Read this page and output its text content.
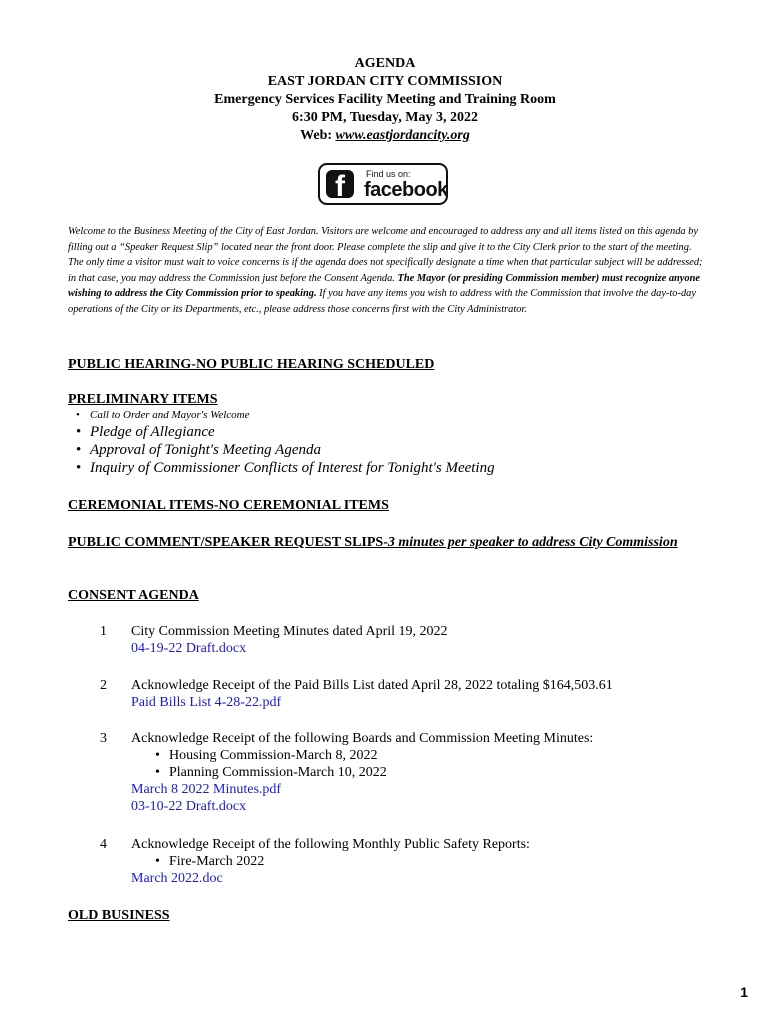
AGENDA
EAST JORDAN CITY COMMISSION
Emergency Services Facility Meeting and Training Room
6:30 PM, Tuesday, May 3, 2022
Web: www.eastjordancity.org
f	Find us on:
facebook
Welcome to the Business Meeting of the City of East Jordan. Visitors are welcome and encouraged to address any and all items listed on this agenda by filling out a “Speaker Request Slip” located near the front door. Please complete the slip and give it to the City Clerk prior to the start of the meeting. The only time a visitor must wait to voice concerns is if the agenda does not specifically designate a time when that particular subject will be addressed; in that case, you may address the Commission just before the Consent Agenda. The Mayor (or presiding Commission member) must recognize anyone wishing to address the City Commission prior to speaking. If you have any items you wish to address with the Commission that involve the day-to-day operations of the City or its Departments, etc., please address those concerns first with the City Administrator.
PUBLIC HEARING-NO PUBLIC HEARING SCHEDULED
PRELIMINARY ITEMS
• Call to Order and Mayor's Welcome
• Pledge of Allegiance
• Approval of Tonight's Meeting Agenda
• Inquiry of Commissioner Conflicts of Interest for Tonight's Meeting
CEREMONIAL ITEMS-NO CEREMONIAL ITEMS
PUBLIC COMMENT/SPEAKER REQUEST SLIPS-3 minutes per speaker to address City Commission
CONSENT AGENDA
1 City Commission Meeting Minutes dated April 19, 2022
04-19-22 Draft.docx
2 Acknowledge Receipt of the Paid Bills List dated April 28, 2022 totaling $164,503.61
Paid Bills List 4-28-22.pdf
3 Acknowledge Receipt of the following Boards and Commission Meeting Minutes:
• Housing Commission-March 8, 2022
• Planning Commission-March 10, 2022
March 8 2022 Minutes.pdf
03-10-22 Draft.docx
4 Acknowledge Receipt of the following Monthly Public Safety Reports:
• Fire-March 2022
March 2022.doc
OLD BUSINESS
1
